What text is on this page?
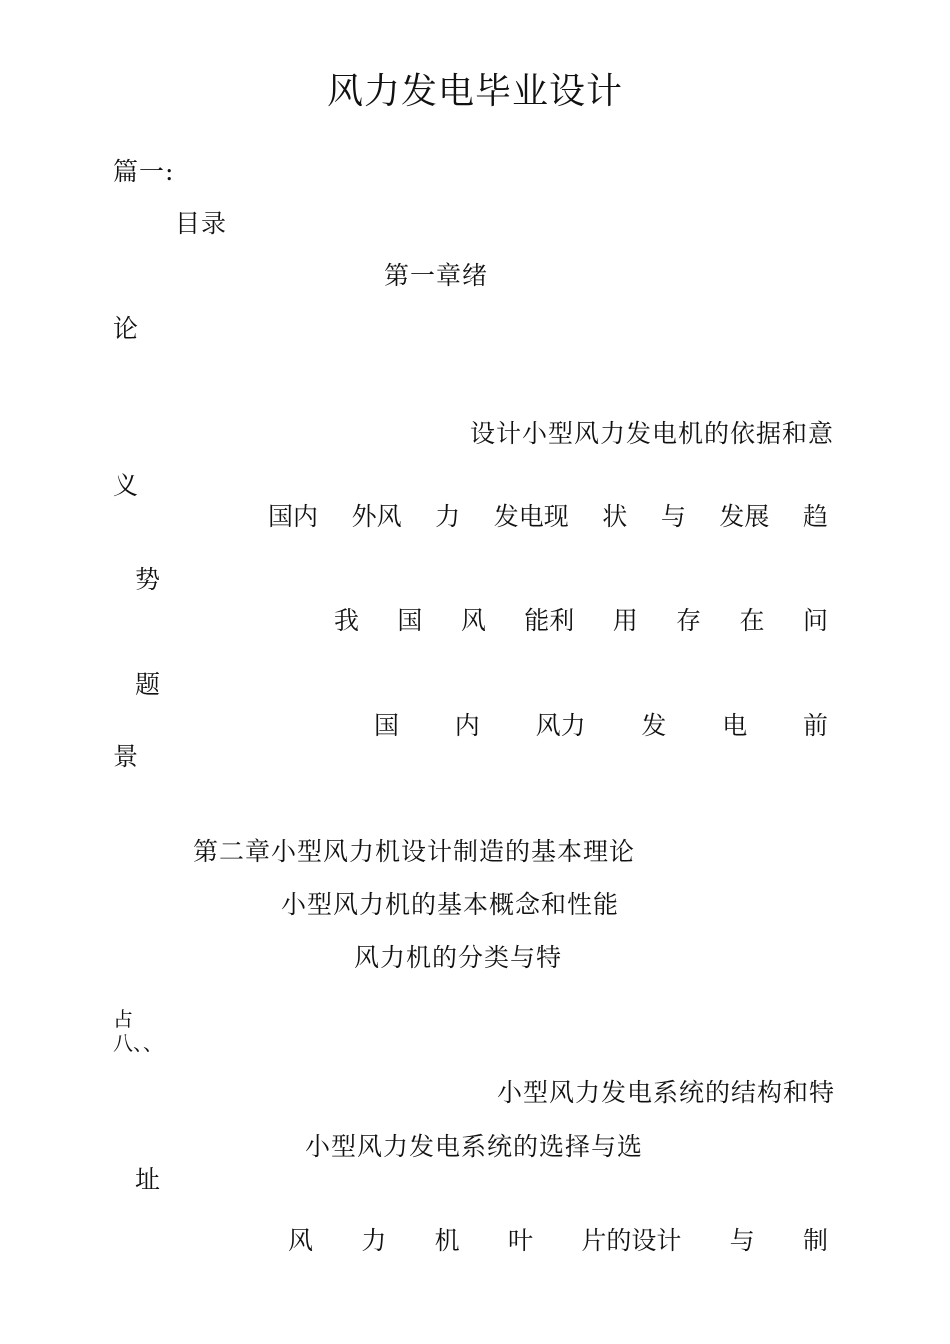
风力发电毕业设计
篇一:
目录
第一章绪
论
设计小型风力发电机的依据和意
义
国内 外风 力 发电现 状 与 发展 趋
势
我 国 风 能利 用 存 在 问
题
国 内 风力 发 电 前
景
第二章小型风力机设计制造的基本理论
小型风力机的基本概念和性能
风力机的分类与特
占
八、、
小型风力发电系统的结构和特
小型风力发电系统的选择与选
址
风 力 机 叶 片的设计 与 制
